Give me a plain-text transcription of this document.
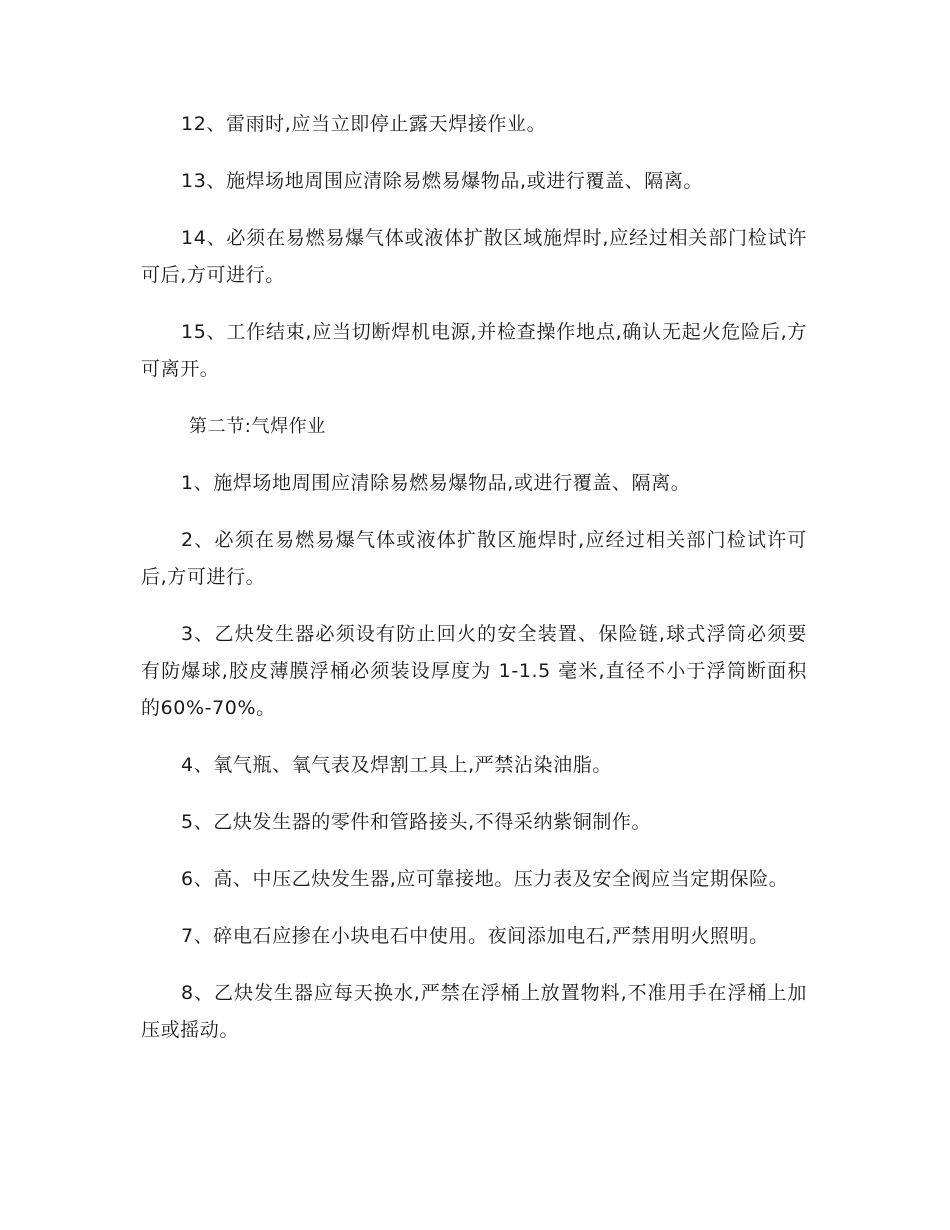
12、雷雨时,应当立即停止露天焊接作业。

13、施焊场地周围应清除易燃易爆物品,或进行覆盖、隔离。

14、必须在易燃易爆气体或液体扩散区域施焊时,应经过相关部门检试许可后,方可进行。

15、工作结束,应当切断焊机电源,并检查操作地点,确认无起火危险后,方可离开。

第二节:气焊作业

1、施焊场地周围应清除易燃易爆物品,或进行覆盖、隔离。

2、必须在易燃易爆气体或液体扩散区施焊时,应经过相关部门检试许可后,方可进行。

3、乙炔发生器必须设有防止回火的安全装置、保险链,球式浮筒必须要有防爆球,胶皮薄膜浮桶必须装设厚度为 1-1.5 毫米,直径不小于浮筒断面积的60%-70%。

4、氧气瓶、氧气表及焊割工具上,严禁沾染油脂。

5、乙炔发生器的零件和管路接头,不得采纳紫铜制作。

6、高、中压乙炔发生器,应可靠接地。压力表及安全阀应当定期保险。

7、碎电石应掺在小块电石中使用。夜间添加电石,严禁用明火照明。

8、乙炔发生器应每天换水,严禁在浮桶上放置物料,不准用手在浮桶上加压或摇动。
